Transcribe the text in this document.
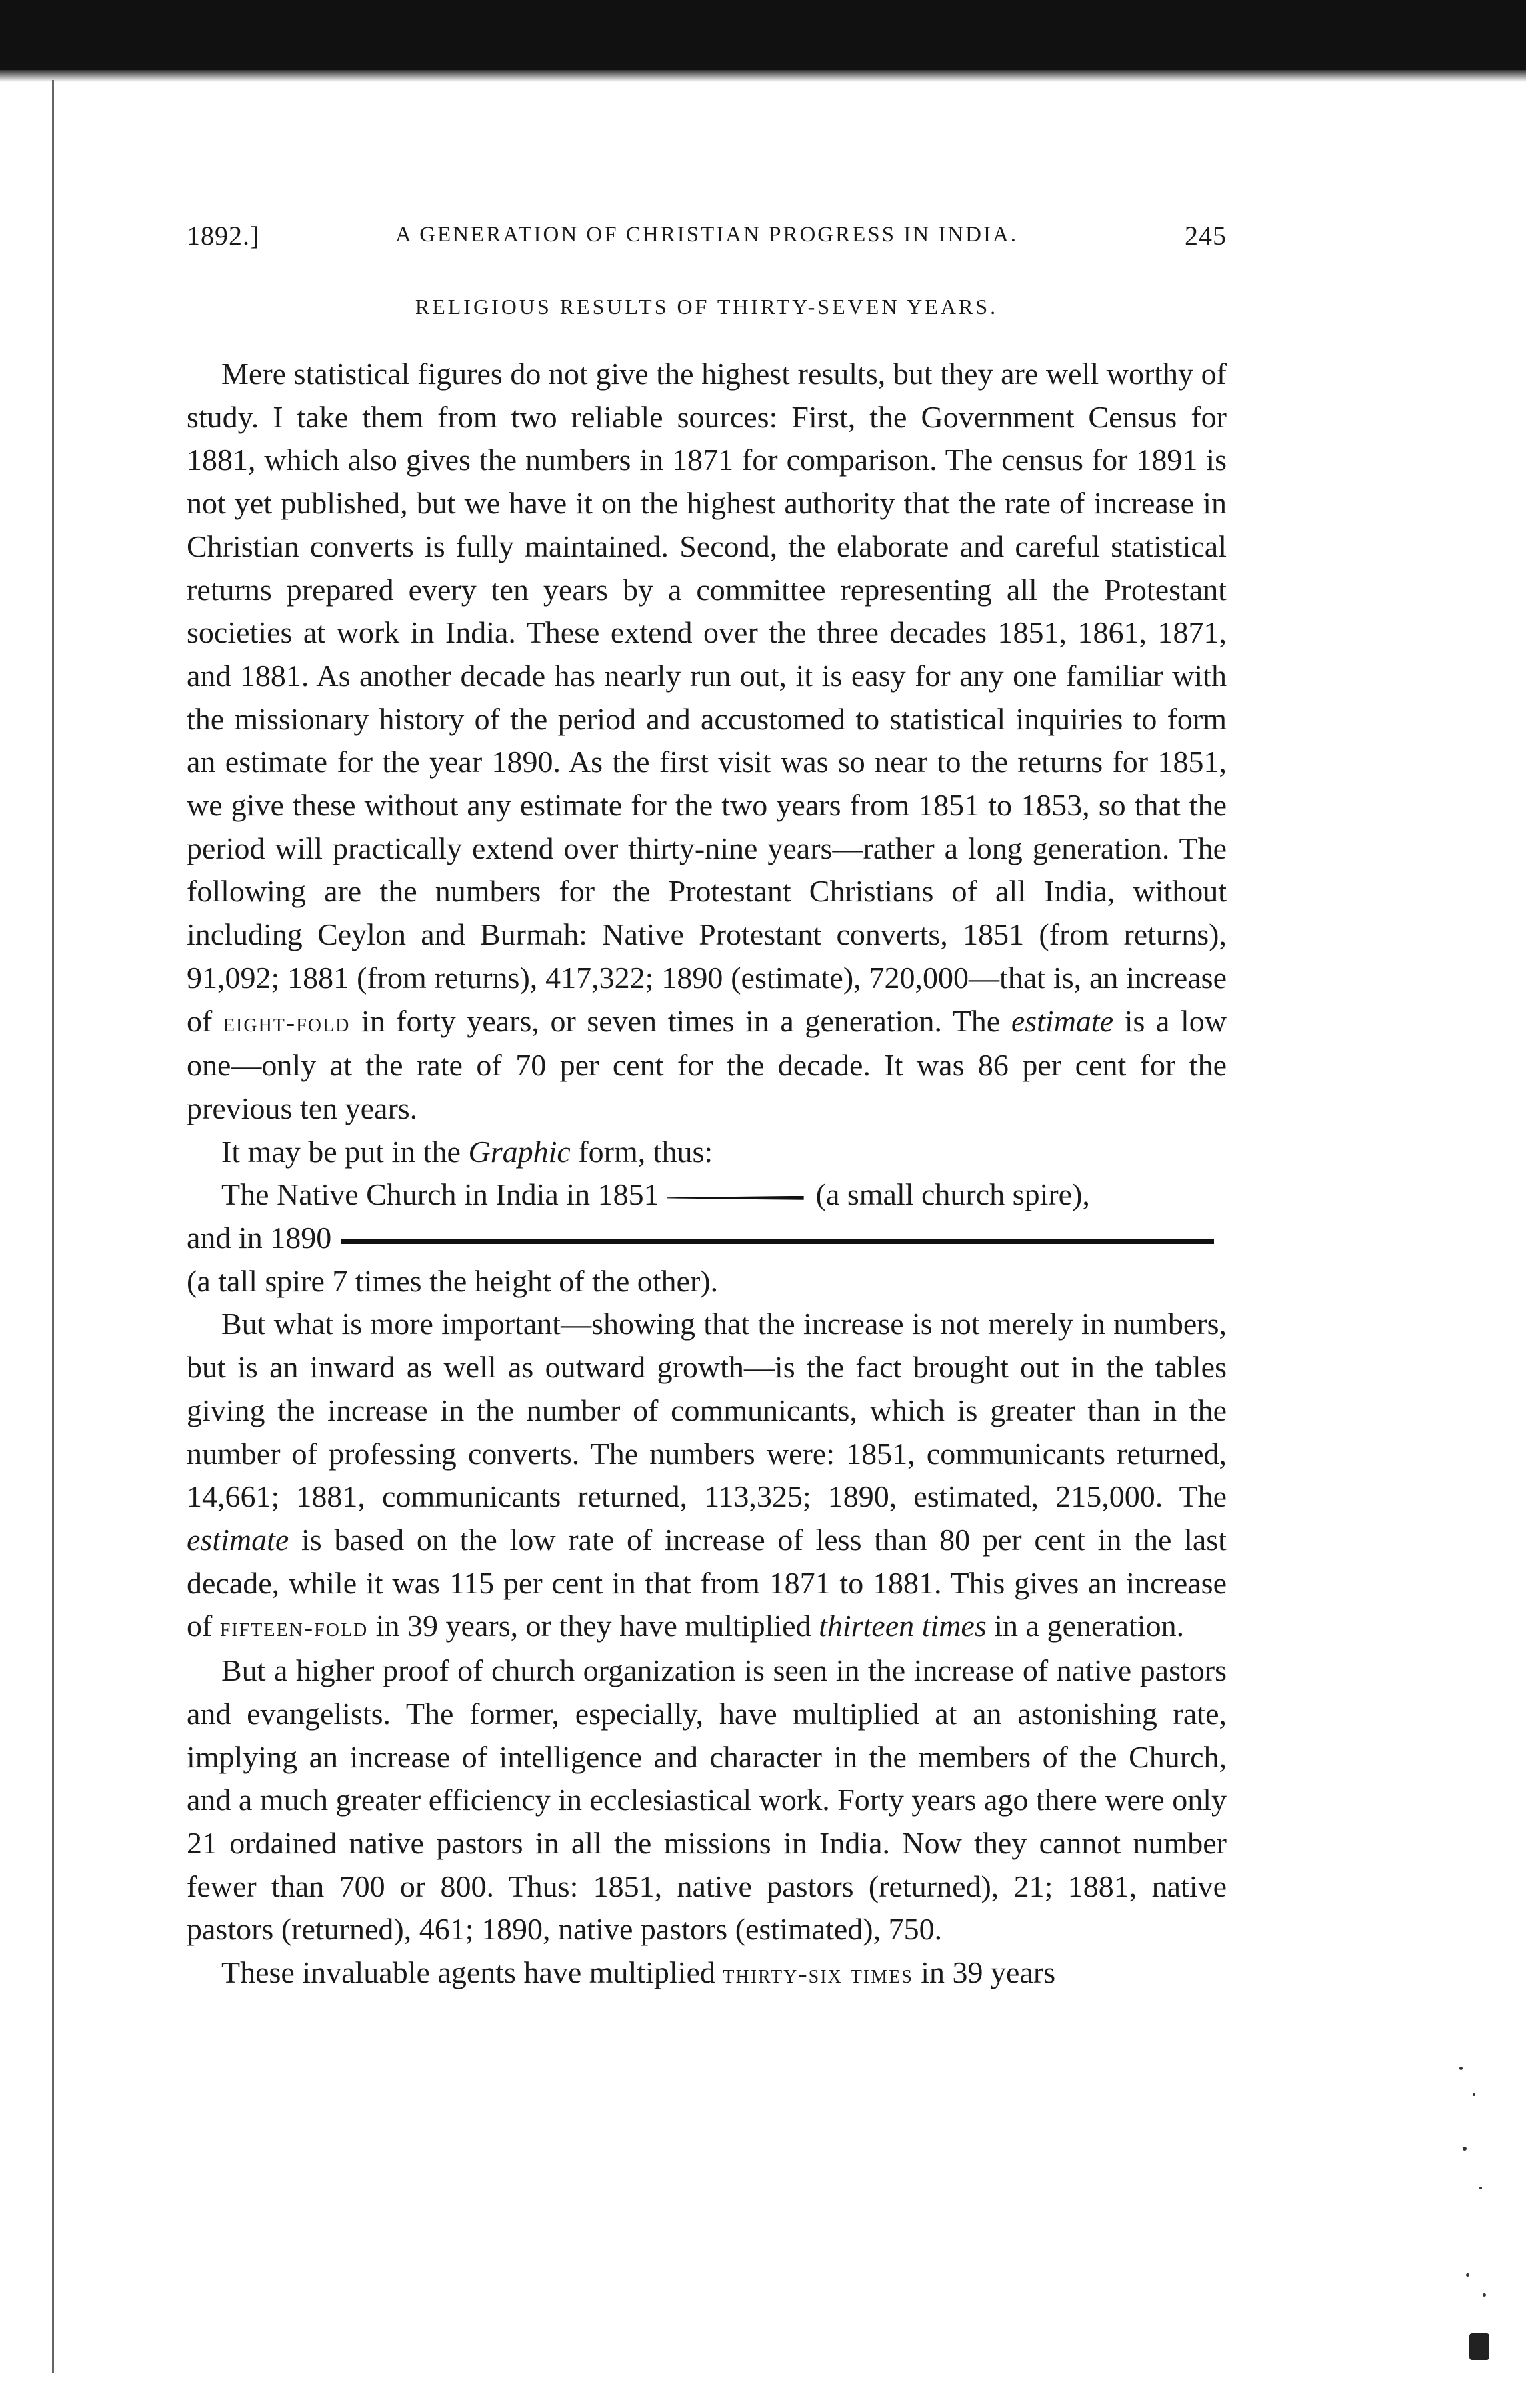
1892.]	A GENERATION OF CHRISTIAN PROGRESS IN INDIA.	245
RELIGIOUS RESULTS OF THIRTY-SEVEN YEARS.

Mere statistical figures do not give the highest results, but they are well worthy of study. I take them from two reliable sources: First, the Government Census for 1881, which also gives the numbers in 1871 for comparison. The census for 1891 is not yet published, but we have it on the highest authority that the rate of increase in Christian converts is fully maintained. Second, the elaborate and careful statistical returns prepared every ten years by a committee representing all the Protestant societies at work in India. These extend over the three decades 1851, 1861, 1871, and 1881. As another decade has nearly run out, it is easy for any one familiar with the missionary history of the period and accustomed to statistical inquiries to form an estimate for the year 1890. As the first visit was so near to the returns for 1851, we give these without any estimate for the two years from 1851 to 1853, so that the period will practically extend over thirty-nine years—rather a long generation. The following are the numbers for the Protestant Christians of all India, without including Ceylon and Burmah: Native Protestant converts, 1851 (from returns), 91,092; 1881 (from returns), 417,322; 1890 (estimate), 720,000—that is, an increase of eight-fold in forty years, or seven times in a generation. The estimate is a low one—only at the rate of 70 per cent for the decade. It was 86 per cent for the previous ten years.

It may be put in the Graphic form, thus:

The Native Church in India in 1851	(a small church spire),
and in 1890
(a tall spire 7 times the height of the other).

But what is more important—showing that the increase is not merely in numbers, but is an inward as well as outward growth—is the fact brought out in the tables giving the increase in the number of communicants, which is greater than in the number of professing converts. The numbers were: 1851, communicants returned, 14,661; 1881, communicants returned, 113,325; 1890, estimated, 215,000. The estimate is based on the low rate of increase of less than 80 per cent in the last decade, while it was 115 per cent in that from 1871 to 1881. This gives an increase of fifteen-fold in 39 years, or they have multiplied thirteen times in a generation.

But a higher proof of church organization is seen in the increase of native pastors and evangelists. The former, especially, have multiplied at an astonishing rate, implying an increase of intelligence and character in the members of the Church, and a much greater efficiency in ecclesiastical work. Forty years ago there were only 21 ordained native pastors in all the missions in India. Now they cannot number fewer than 700 or 800. Thus: 1851, native pastors (returned), 21; 1881, native pastors (returned), 461; 1890, native pastors (estimated), 750.

These invaluable agents have multiplied thirty-six times in 39 years
